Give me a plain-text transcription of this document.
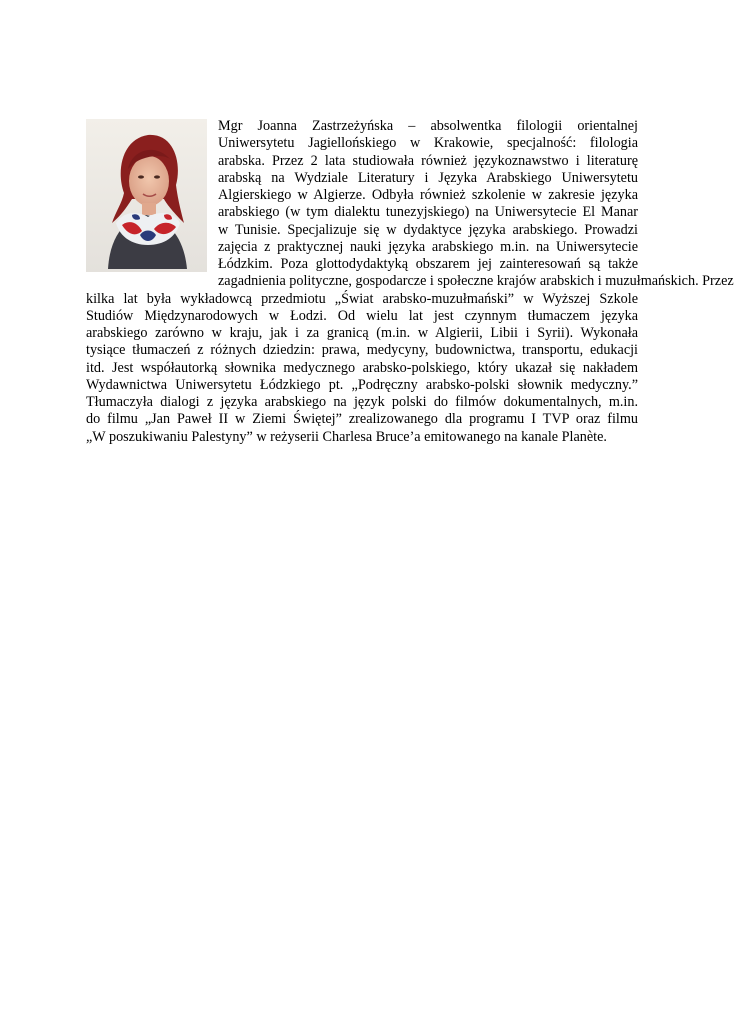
Mgr Joanna Zastrzeżyńska – absolwentka filologii orientalnej
Uniwersytetu Jagiellońskiego w Krakowie, specjalność: filologia
arabska. Przez 2 lata studiowała również językoznawstwo i literaturę
arabską na Wydziale Literatury i Języka Arabskiego Uniwersytetu
Algierskiego w Algierze. Odbyła również szkolenie w zakresie języka
arabskiego (w tym dialektu tunezyjskiego) na Uniwersytecie El Manar
w Tunisie. Specjalizuje się w dydaktyce języka arabskiego. Prowadzi
zajęcia z praktycznej nauki języka arabskiego m.in. na Uniwersytecie
Łódzkim. Poza glottodydaktyką obszarem jej zainteresowań są także
zagadnienia polityczne, gospodarcze i społeczne krajów arabskich i muzułmańskich. Przez
kilka lat była wykładowcą przedmiotu „Świat arabsko-muzułmański” w Wyższej Szkole
Studiów Międzynarodowych w Łodzi. Od wielu lat jest czynnym tłumaczem języka
arabskiego zarówno w kraju, jak i za granicą (m.in. w Algierii, Libii i Syrii). Wykonała
tysiące tłumaczeń z różnych dziedzin: prawa, medycyny, budownictwa, transportu, edukacji
itd. Jest współautorką słownika medycznego arabsko-polskiego, który ukazał się nakładem
Wydawnictwa Uniwersytetu Łódzkiego pt. „Podręczny arabsko-polski słownik medyczny.”
Tłumaczyła dialogi z języka arabskiego na język polski do filmów dokumentalnych, m.in.
do filmu „Jan Paweł II w Ziemi Świętej” zrealizowanego dla programu I TVP oraz filmu
„W poszukiwaniu Palestyny” w reżyserii Charlesa Bruce’a emitowanego na kanale Planète.
